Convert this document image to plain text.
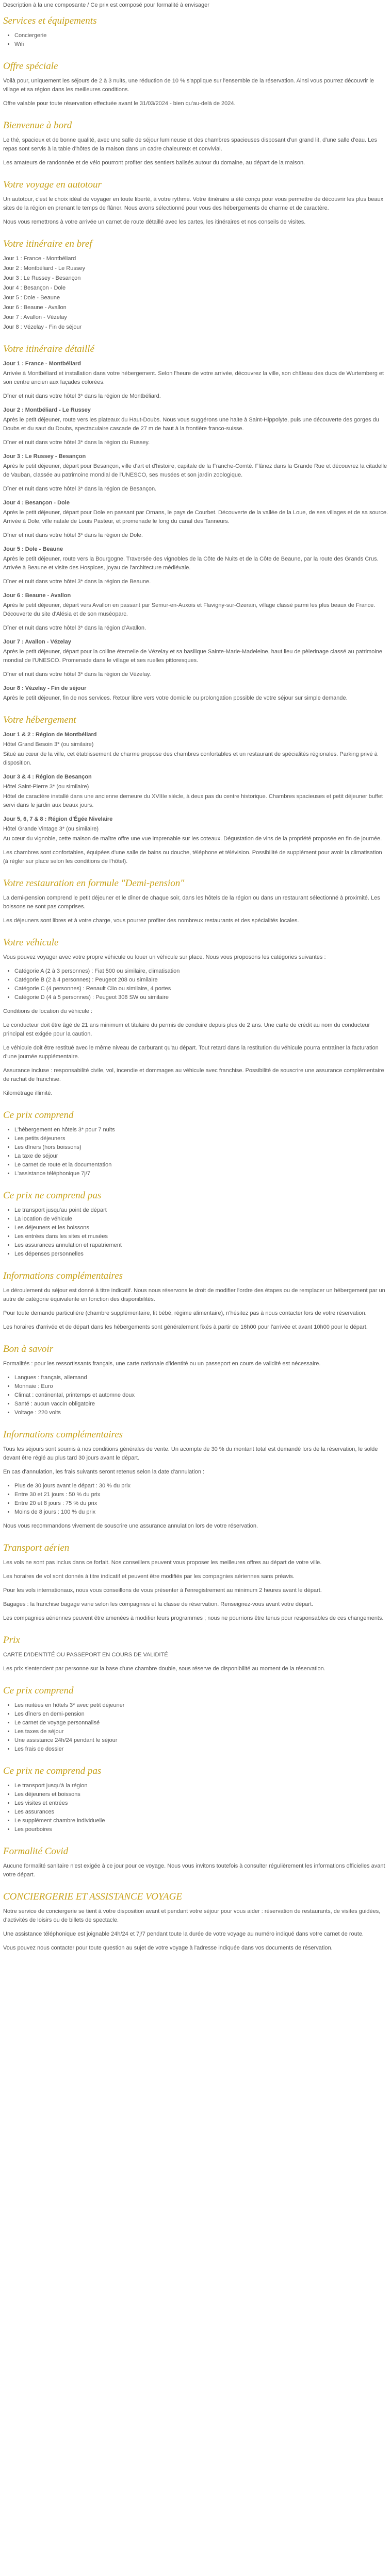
Description à la une composante / Ce prix est composé pour formalité à envisager

Services et équipements
• Conciergerie
• Wifi
Offre spéciale

Voilà pour, uniquement les séjours de 2 à 3 nuits, une réduction de 10 % s'applique sur l'ensemble de la réservation. Ainsi vous pourrez découvrir le village et sa région dans les meilleures conditions.

Offre valable pour toute réservation effectuée avant le 31/03/2024 - bien qu'au-delà de 2024.

Bienvenue à bord

Le thé, spacieux et de bonne qualité, avec une salle de séjour lumineuse et des chambres spacieuses disposant d'un grand lit, d'une salle d'eau. Les repas sont servis à la table d'hôtes de la maison dans un cadre chaleureux et convivial.

Les amateurs de randonnée et de vélo pourront profiter des sentiers balisés autour du domaine, au départ de la maison.

Votre voyage en autotour

Un autotour, c'est le choix idéal de voyager en toute liberté, à votre rythme. Votre itinéraire a été conçu pour vous permettre de découvrir les plus beaux sites de la région en prenant le temps de flâner. Nous avons sélectionné pour vous des hébergements de charme et de caractère.

Nous vous remettrons à votre arrivée un carnet de route détaillé avec les cartes, les itinéraires et nos conseils de visites.

Votre itinéraire en bref

Jour 1 : France - Montbéliard

Jour 2 : Montbéliard - Le Russey

Jour 3 : Le Russey - Besançon

Jour 4 : Besançon - Dole

Jour 5 : Dole - Beaune

Jour 6 : Beaune - Avallon

Jour 7 : Avallon - Vézelay

Jour 8 : Vézelay - Fin de séjour

Votre itinéraire détaillé

Jour 1 : France - Montbéliard

Arrivée à Montbéliard et installation dans votre hébergement. Selon l'heure de votre arrivée, découvrez la ville, son château des ducs de Wurtemberg et son centre ancien aux façades colorées.

Dîner et nuit dans votre hôtel 3* dans la région de Montbéliard.

Jour 2 : Montbéliard - Le Russey

Après le petit déjeuner, route vers les plateaux du Haut-Doubs. Nous vous suggérons une halte à Saint-Hippolyte, puis une découverte des gorges du Doubs et du saut du Doubs, spectaculaire cascade de 27 m de haut à la frontière franco-suisse.

Dîner et nuit dans votre hôtel 3* dans la région du Russey.

Jour 3 : Le Russey - Besançon

Après le petit déjeuner, départ pour Besançon, ville d'art et d'histoire, capitale de la Franche-Comté. Flânez dans la Grande Rue et découvrez la citadelle de Vauban, classée au patrimoine mondial de l'UNESCO, ses musées et son jardin zoologique.

Dîner et nuit dans votre hôtel 3* dans la région de Besançon.

Jour 4 : Besançon - Dole

Après le petit déjeuner, départ pour Dole en passant par Ornans, le pays de Courbet. Découverte de la vallée de la Loue, de ses villages et de sa source. Arrivée à Dole, ville natale de Louis Pasteur, et promenade le long du canal des Tanneurs.

Dîner et nuit dans votre hôtel 3* dans la région de Dole.

Jour 5 : Dole - Beaune

Après le petit déjeuner, route vers la Bourgogne. Traversée des vignobles de la Côte de Nuits et de la Côte de Beaune, par la route des Grands Crus. Arrivée à Beaune et visite des Hospices, joyau de l'architecture médiévale.

Dîner et nuit dans votre hôtel 3* dans la région de Beaune.

Jour 6 : Beaune - Avallon

Après le petit déjeuner, départ vers Avallon en passant par Semur-en-Auxois et Flavigny-sur-Ozerain, village classé parmi les plus beaux de France. Découverte du site d'Alésia et de son muséoparc.

Dîner et nuit dans votre hôtel 3* dans la région d'Avallon.

Jour 7 : Avallon - Vézelay

Après le petit déjeuner, départ pour la colline éternelle de Vézelay et sa basilique Sainte-Marie-Madeleine, haut lieu de pèlerinage classé au patrimoine mondial de l'UNESCO. Promenade dans le village et ses ruelles pittoresques.

Dîner et nuit dans votre hôtel 3* dans la région de Vézelay.

Jour 8 : Vézelay - Fin de séjour

Après le petit déjeuner, fin de nos services. Retour libre vers votre domicile ou prolongation possible de votre séjour sur simple demande.

Votre hébergement

Jour 1 & 2 : Région de Montbéliard

Hôtel Grand Besoin 3* (ou similaire)

Situé au cœur de la ville, cet établissement de charme propose des chambres confortables et un restaurant de spécialités régionales. Parking privé à disposition.

Jour 3 & 4 : Région de Besançon

Hôtel Saint-Pierre 3* (ou similaire)

Hôtel de caractère installé dans une ancienne demeure du XVIIIe siècle, à deux pas du centre historique. Chambres spacieuses et petit déjeuner buffet servi dans le jardin aux beaux jours.

Jour 5, 6, 7 & 8 : Région d'Égée Nivelaire

Hôtel Grande Vintage 3* (ou similaire)

Au cœur du vignoble, cette maison de maître offre une vue imprenable sur les coteaux. Dégustation de vins de la propriété proposée en fin de journée.

Les chambres sont confortables, équipées d'une salle de bains ou douche, téléphone et télévision. Possibilité de supplément pour avoir la climatisation (à régler sur place selon les conditions de l'hôtel).

Votre restauration en formule "Demi-pension"

La demi-pension comprend le petit déjeuner et le dîner de chaque soir, dans les hôtels de la région ou dans un restaurant sélectionné à proximité. Les boissons ne sont pas comprises.

Les déjeuners sont libres et à votre charge, vous pourrez profiter des nombreux restaurants et des spécialités locales.

Votre véhicule

Vous pouvez voyager avec votre propre véhicule ou louer un véhicule sur place. Nous vous proposons les catégories suivantes :

• Catégorie A (2 à 3 personnes) : Fiat 500 ou similaire, climatisation
• Catégorie B (2 à 4 personnes) : Peugeot 208 ou similaire
• Catégorie C (4 personnes) : Renault Clio ou similaire, 4 portes
• Catégorie D (4 à 5 personnes) : Peugeot 308 SW ou similaire

Conditions de location du véhicule :

Le conducteur doit être âgé de 21 ans minimum et titulaire du permis de conduire depuis plus de 2 ans. Une carte de crédit au nom du conducteur principal est exigée pour la caution.

Le véhicule doit être restitué avec le même niveau de carburant qu'au départ. Tout retard dans la restitution du véhicule pourra entraîner la facturation d'une journée supplémentaire.

Assurance incluse : responsabilité civile, vol, incendie et dommages au véhicule avec franchise. Possibilité de souscrire une assurance complémentaire de rachat de franchise.

Kilométrage illimité.

Ce prix comprend
• L'hébergement en hôtels 3* pour 7 nuits
• Les petits déjeuners
• Les dîners (hors boissons)
• La taxe de séjour
• Le carnet de route et la documentation
• L'assistance téléphonique 7j/7
Ce prix ne comprend pas
• Le transport jusqu'au point de départ
• La location de véhicule
• Les déjeuners et les boissons
• Les entrées dans les sites et musées
• Les assurances annulation et rapatriement
• Les dépenses personnelles
Informations complémentaires

Le déroulement du séjour est donné à titre indicatif. Nous nous réservons le droit de modifier l'ordre des étapes ou de remplacer un hébergement par un autre de catégorie équivalente en fonction des disponibilités.

Pour toute demande particulière (chambre supplémentaire, lit bébé, régime alimentaire), n'hésitez pas à nous contacter lors de votre réservation.

Les horaires d'arrivée et de départ dans les hébergements sont généralement fixés à partir de 16h00 pour l'arrivée et avant 10h00 pour le départ.

Bon à savoir

Formalités : pour les ressortissants français, une carte nationale d'identité ou un passeport en cours de validité est nécessaire.

• Langues : français, allemand
• Monnaie : Euro
• Climat : continental, printemps et automne doux
• Santé : aucun vaccin obligatoire
• Voltage : 220 volts
Informations complémentaires

Tous les séjours sont soumis à nos conditions générales de vente. Un acompte de 30 % du montant total est demandé lors de la réservation, le solde devant être réglé au plus tard 30 jours avant le départ.

En cas d'annulation, les frais suivants seront retenus selon la date d'annulation :

• Plus de 30 jours avant le départ : 30 % du prix
• Entre 30 et 21 jours : 50 % du prix
• Entre 20 et 8 jours : 75 % du prix
• Moins de 8 jours : 100 % du prix

Nous vous recommandons vivement de souscrire une assurance annulation lors de votre réservation.

Transport aérien

Les vols ne sont pas inclus dans ce forfait. Nos conseillers peuvent vous proposer les meilleures offres au départ de votre ville.

Les horaires de vol sont donnés à titre indicatif et peuvent être modifiés par les compagnies aériennes sans préavis.

Pour les vols internationaux, nous vous conseillons de vous présenter à l'enregistrement au minimum 2 heures avant le départ.

Bagages : la franchise bagage varie selon les compagnies et la classe de réservation. Renseignez-vous avant votre départ.

Les compagnies aériennes peuvent être amenées à modifier leurs programmes ; nous ne pourrions être tenus pour responsables de ces changements.

Prix

CARTE D'IDENTITÉ OU PASSEPORT EN COURS DE VALIDITÉ

Les prix s'entendent par personne sur la base d'une chambre double, sous réserve de disponibilité au moment de la réservation.

Ce prix comprend
• Les nuitées en hôtels 3* avec petit déjeuner
• Les dîners en demi-pension
• Le carnet de voyage personnalisé
• Les taxes de séjour
• Une assistance 24h/24 pendant le séjour
• Les frais de dossier
Ce prix ne comprend pas
• Le transport jusqu'à la région
• Les déjeuners et boissons
• Les visites et entrées
• Les assurances
• Le supplément chambre individuelle
• Les pourboires
Formalité Covid

Aucune formalité sanitaire n'est exigée à ce jour pour ce voyage. Nous vous invitons toutefois à consulter régulièrement les informations officielles avant votre départ.

CONCIERGERIE ET ASSISTANCE VOYAGE

Notre service de conciergerie se tient à votre disposition avant et pendant votre séjour pour vous aider : réservation de restaurants, de visites guidées, d'activités de loisirs ou de billets de spectacle.

Une assistance téléphonique est joignable 24h/24 et 7j/7 pendant toute la durée de votre voyage au numéro indiqué dans votre carnet de route.

Vous pouvez nous contacter pour toute question au sujet de votre voyage à l'adresse indiquée dans vos documents de réservation.
